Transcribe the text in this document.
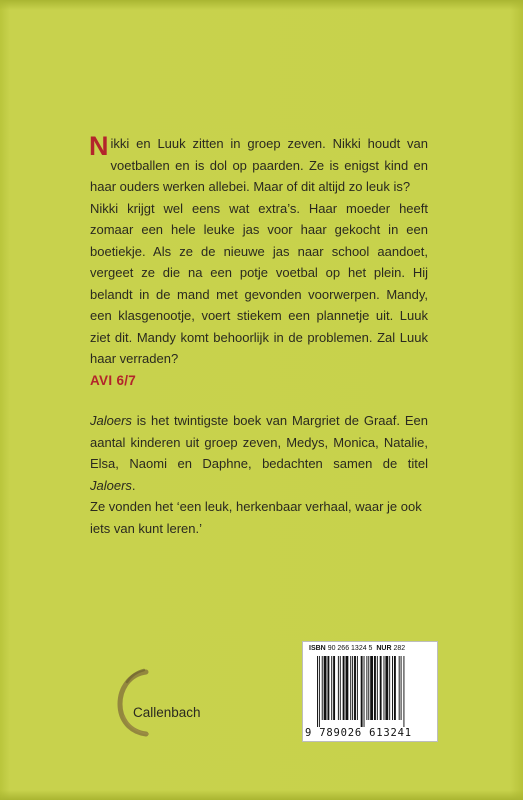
Nikki en Luuk zitten in groep zeven. Nikki houdt van voetballen en is dol op paarden. Ze is enigst kind en haar ouders werken allebei. Maar of dit altijd zo leuk is?

Nikki krijgt wel eens wat extra’s. Haar moeder heeft zomaar een hele leuke jas voor haar gekocht in een boetiekje. Als ze de nieuwe jas naar school aandoet, vergeet ze die na een potje voetbal op het plein. Hij belandt in de mand met gevonden voorwerpen. Mandy, een klasgenootje, voert stiekem een plannetje uit. Luuk ziet dit. Mandy komt behoorlijk in de problemen. Zal Luuk haar verraden?

AVI 6/7

Jaloers is het twintigste boek van Margriet de Graaf. Een aantal kinderen uit groep zeven, Medys, Monica, Natalie, Elsa, Naomi en Daphne, bedachten samen de titel Jaloers.

Ze vonden het ‘een leuk, herkenbaar verhaal, waar je ook iets van kunt leren.’

Callenbach
ISBN 90 266 1324 5 NUR 282
9 789026 613241
